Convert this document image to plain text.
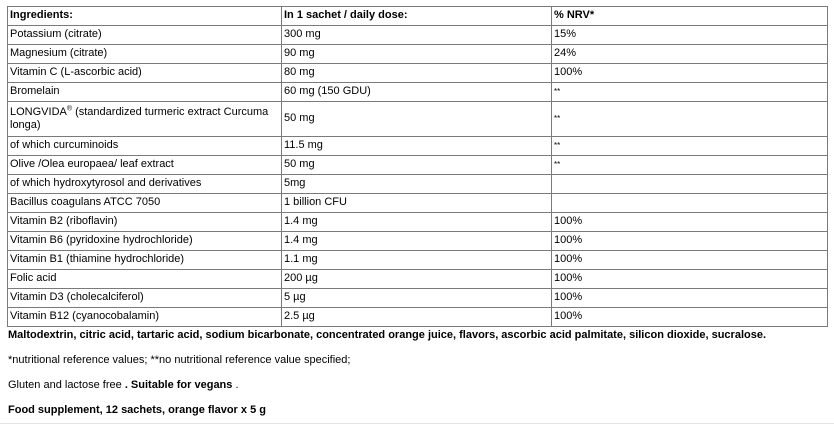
Ingredients:	In 1 sachet / daily dose:	% NRV*
Potassium (citrate)	300 mg	15%
Magnesium (citrate)	90 mg	24%
Vitamin C (L-ascorbic acid)	80 mg	100%
Bromelain	60 mg (150 GDU)	**
LONGVIDA® (standardized turmeric extract Curcuma longa)	50 mg	**
of which curcuminoids	11.5 mg	**
Olive /Olea europaea/ leaf extract	50 mg	**
of which hydroxytyrosol and derivatives	5mg	
Bacillus coagulans ATCC 7050	1 billion CFU	
Vitamin B2 (riboflavin)	1.4 mg	100%
Vitamin B6 (pyridoxine hydrochloride)	1.4 mg	100%
Vitamin B1 (thiamine hydrochloride)	1.1 mg	100%
Folic acid	200 µg	100%
Vitamin D3 (cholecalciferol)	5 µg	100%
Vitamin B12 (cyanocobalamin)	2.5 µg	100%
Maltodextrin, citric acid, tartaric acid, sodium bicarbonate, concentrated orange juice, flavors, ascorbic acid palmitate, silicon dioxide, sucralose.
*nutritional reference values; **no nutritional reference value specified;
Gluten and lactose free . Suitable for vegans .
Food supplement, 12 sachets, orange flavor x 5 g
